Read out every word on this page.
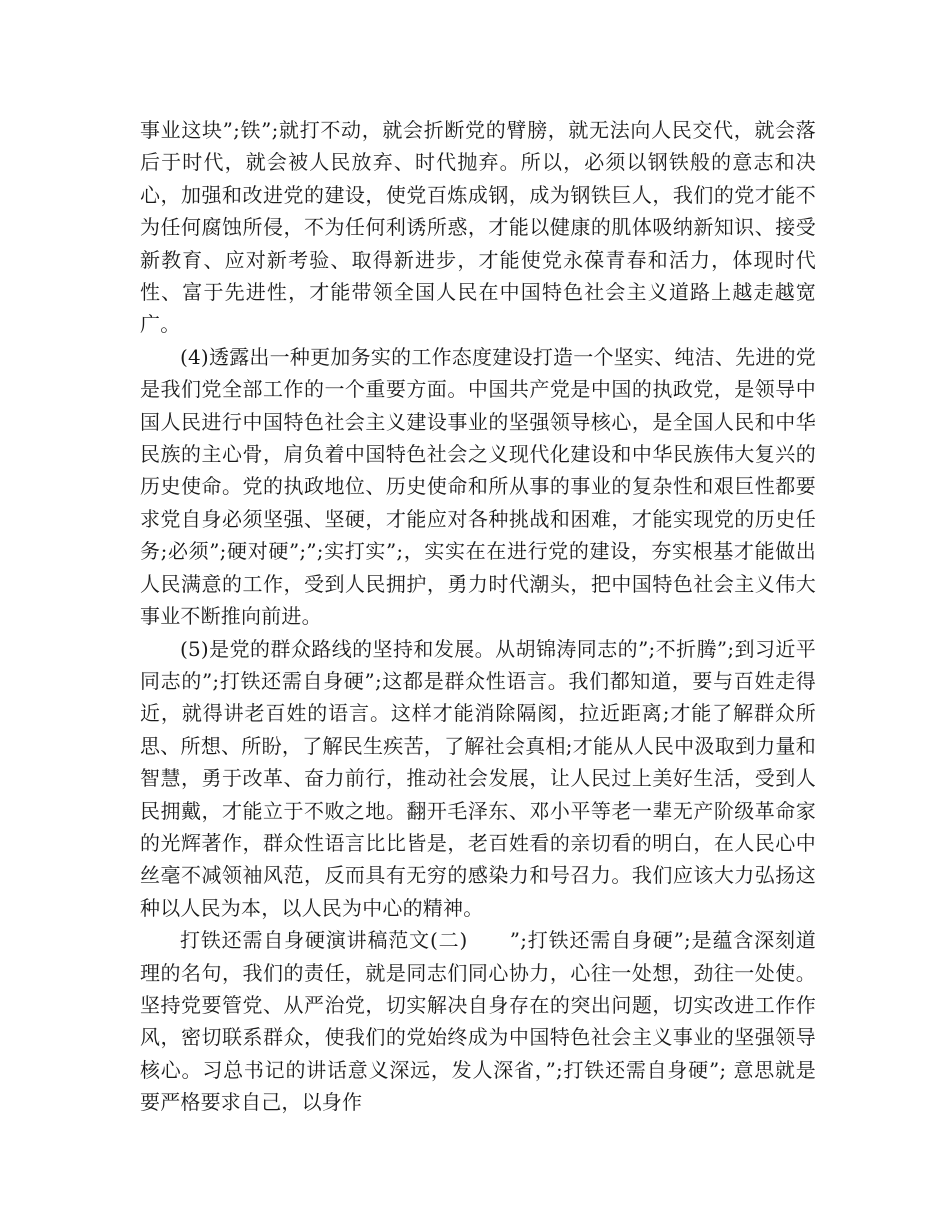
事业这块”;铁”;就打不动，就会折断党的臂膀，就无法向人民交代，就会落后于时代，就会被人民放弃、时代抛弃。所以，必须以钢铁般的意志和决心，加强和改进党的建设，使党百炼成钢，成为钢铁巨人，我们的党才能不为任何腐蚀所侵，不为任何利诱所惑，才能以健康的肌体吸纳新知识、接受新教育、应对新考验、取得新进步，才能使党永葆青春和活力，体现时代性、富于先进性，才能带领全国人民在中国特色社会主义道路上越走越宽广。

(4)透露出一种更加务实的工作态度建设打造一个坚实、纯洁、先进的党是我们党全部工作的一个重要方面。中国共产党是中国的执政党，是领导中国人民进行中国特色社会主义建设事业的坚强领导核心，是全国人民和中华民族的主心骨，肩负着中国特色社会之义现代化建设和中华民族伟大复兴的历史使命。党的执政地位、历史使命和所从事的事业的复杂性和艰巨性都要求党自身必须坚强、坚硬，才能应对各种挑战和困难，才能实现党的历史任务;必须”;硬对硬”;”;实打实”;，实实在在进行党的建设，夯实根基才能做出人民满意的工作，受到人民拥护，勇力时代潮头，把中国特色社会主义伟大事业不断推向前进。

(5)是党的群众路线的坚持和发展。从胡锦涛同志的”;不折腾”;到习近平同志的”;打铁还需自身硬”;这都是群众性语言。我们都知道，要与百姓走得近，就得讲老百姓的语言。这样才能消除隔阂，拉近距离;才能了解群众所思、所想、所盼，了解民生疾苦，了解社会真相;才能从人民中汲取到力量和智慧，勇于改革、奋力前行，推动社会发展，让人民过上美好生活，受到人民拥戴，才能立于不败之地。翻开毛泽东、邓小平等老一辈无产阶级革命家的光辉著作，群众性语言比比皆是，老百姓看的亲切看的明白，在人民心中丝毫不减领袖风范，反而具有无穷的感染力和号召力。我们应该大力弘扬这种以人民为本，以人民为中心的精神。

打铁还需自身硬演讲稿范文(二)　　”;打铁还需自身硬”;是蕴含深刻道理的名句，我们的责任，就是同志们同心协力，心往一处想，劲往一处使。坚持党要管党、从严治党，切实解决自身存在的突出问题，切实改进工作作风，密切联系群众，使我们的党始终成为中国特色社会主义事业的坚强领导核心。习总书记的讲话意义深远，发人深省，”;打铁还需自身硬”; 意思就是要严格要求自己，以身作
